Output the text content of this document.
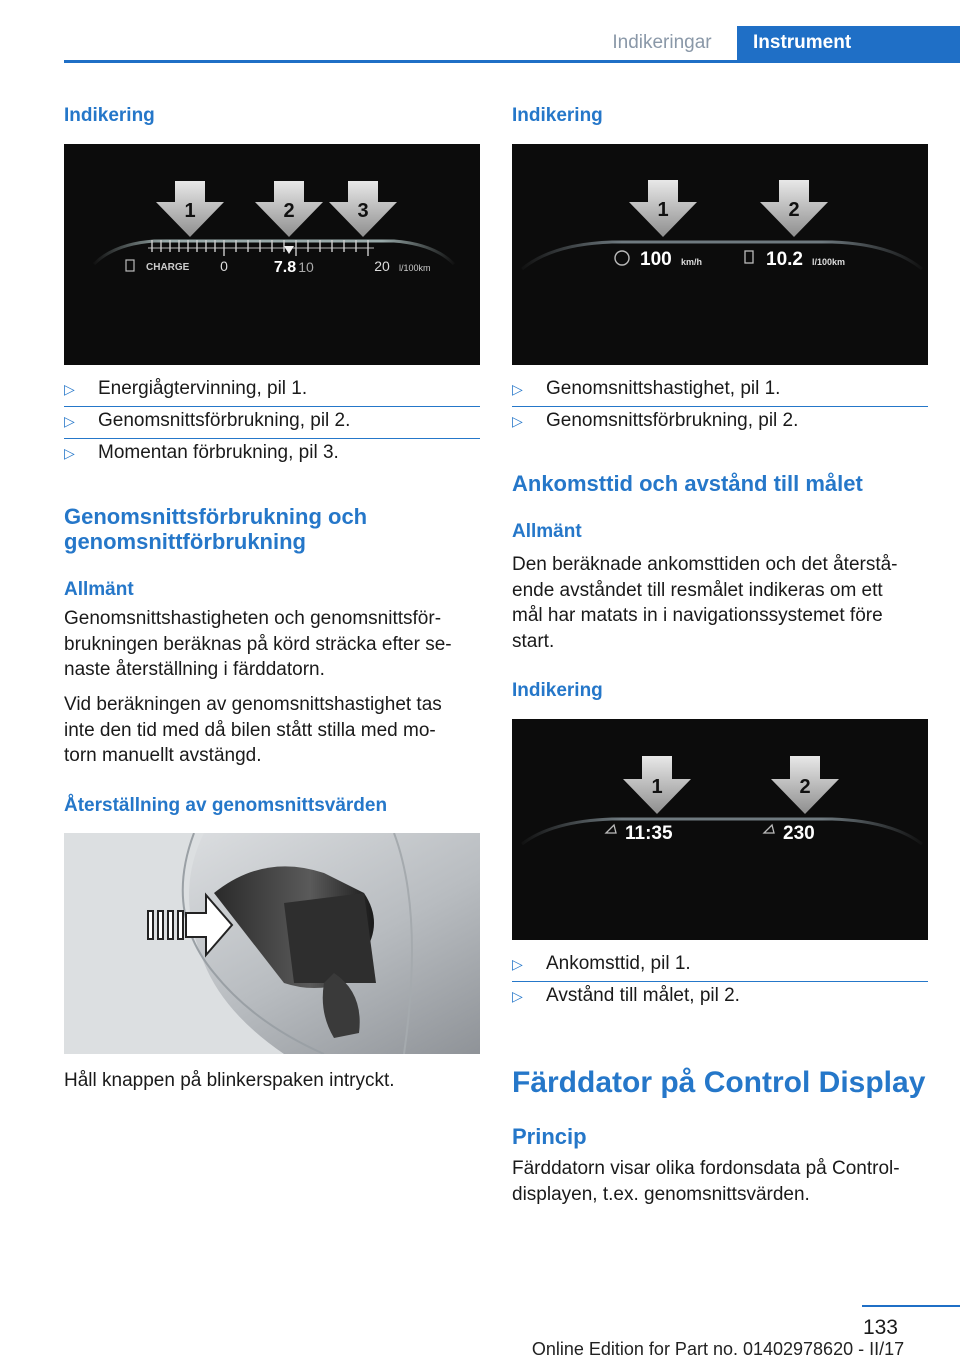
Indikeringar	Instrument
Indikering
1	2	3
CHARGE 0	7.8 10	20 l/100km
▷ Energiågtervinning, pil 1.
▷ Genomsnittsförbrukning, pil 2.
▷ Momentan förbrukning, pil 3.
Genomsnittsförbrukning och
genomsnittförbrukning
Allmänt
Genomsnittshastigheten och genomsnittsför‐
brukningen beräknas på körd sträcka efter se‐
naste återställning i färddatorn.
Vid beräkningen av genomsnittshastighet tas
inte den tid med då bilen stått stilla med mo‐
torn manuellt avstängd.
Återställning av genomsnittsvärden
Håll knappen på blinkerspaken intryckt.
Indikering
1	2
100 km/h	10.2 l/100km
▷ Genomsnittshastighet, pil 1.
▷ Genomsnittsförbrukning, pil 2.
Ankomsttid och avstånd till målet
Allmänt
Den beräknade ankomsttiden och det återstå‐
ende avståndet till resmålet indikeras om ett
mål har matats in i navigationssystemet före
start.
Indikering
1	2
11:35	230
▷ Ankomsttid, pil 1.
▷ Avstånd till målet, pil 2.
Färddator på Control Display
Princip
Färddatorn visar olika fordonsdata på Control‐
displayen, t.ex. genomsnittsvärden.
133
Online Edition for Part no. 01402978620 - II/17
